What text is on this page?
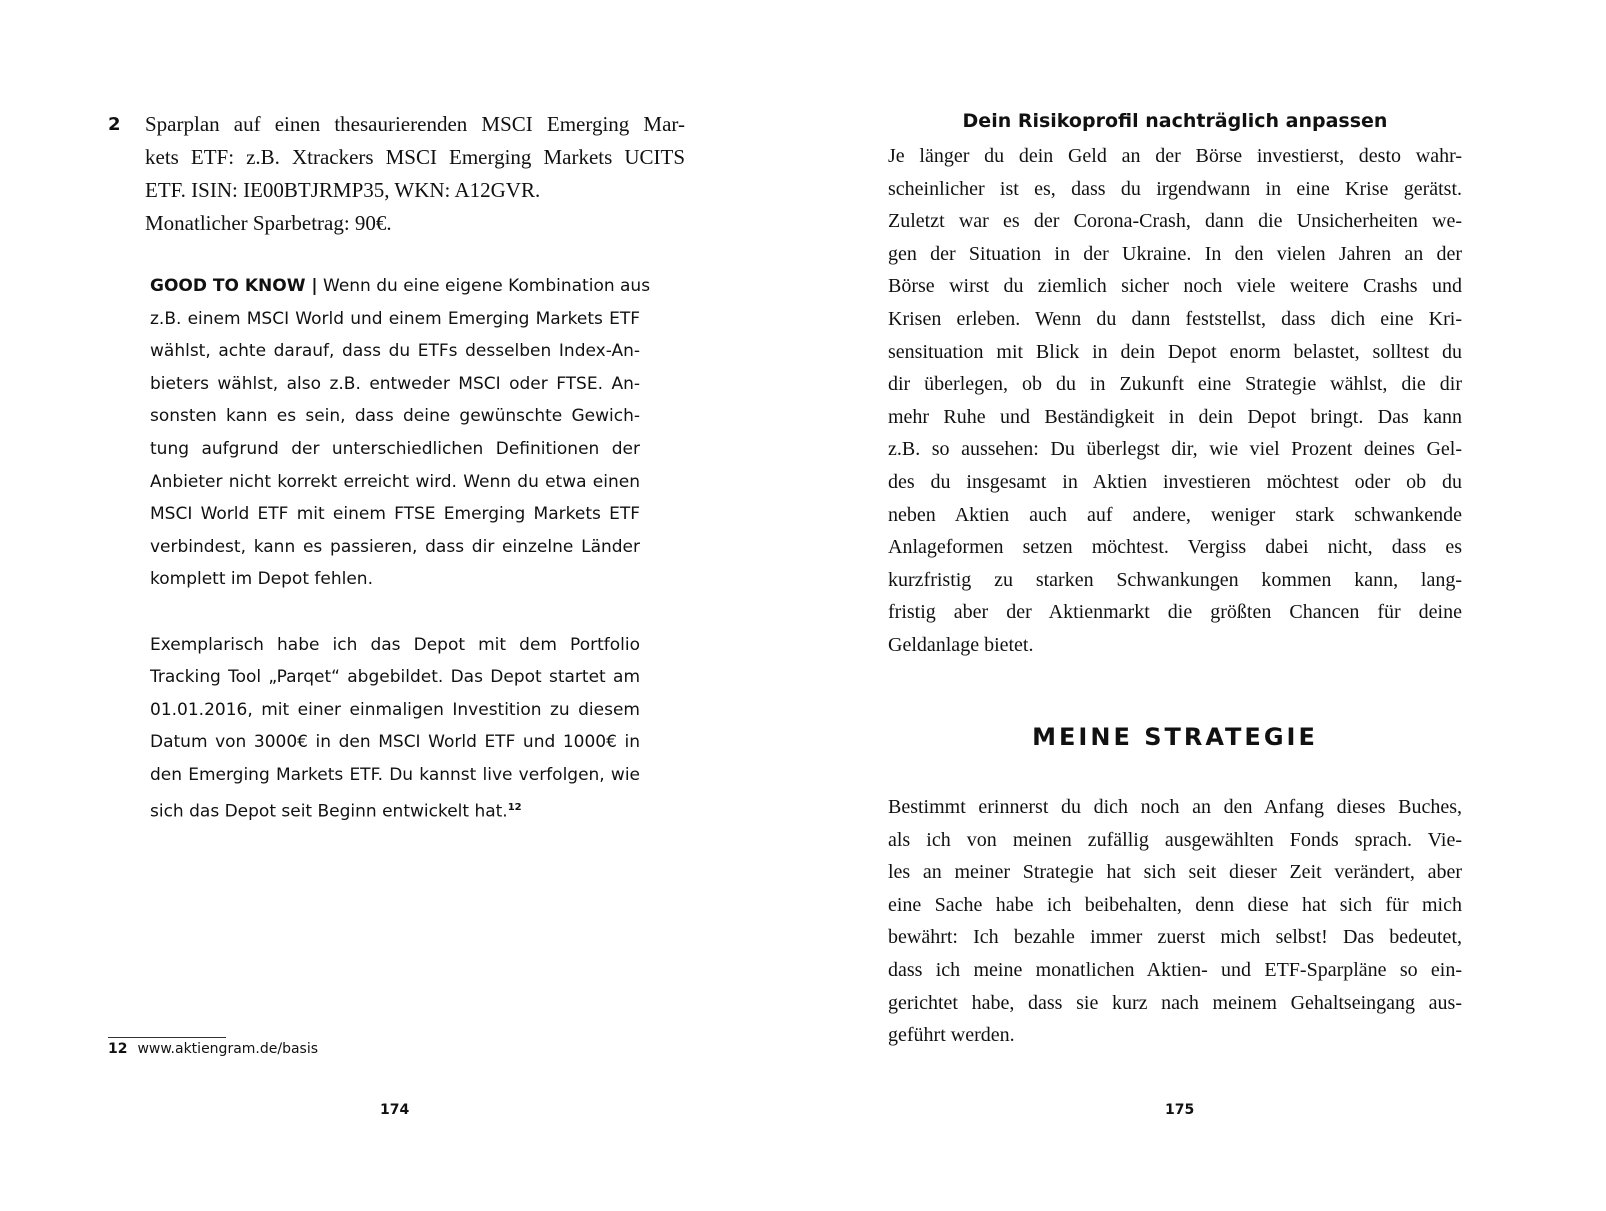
2 Sparplan auf einen thesaurierenden MSCI Emerging Mar-
kets ETF: z.B. Xtrackers MSCI Emerging Markets UCITS
ETF. ISIN: IE00BTJRMP35, WKN: A12GVR.
Monatlicher Sparbetrag: 90€.
GOOD TO KNOW | Wenn du eine eigene Kombination aus
z.B. einem MSCI World und einem Emerging Markets ETF
wählst, achte darauf, dass du ETFs desselben Index-An-
bieters wählst, also z.B. entweder MSCI oder FTSE. An-
sonsten kann es sein, dass deine gewünschte Gewich-
tung aufgrund der unterschiedlichen Definitionen der
Anbieter nicht korrekt erreicht wird. Wenn du etwa einen
MSCI World ETF mit einem FTSE Emerging Markets ETF
verbindest, kann es passieren, dass dir einzelne Länder
komplett im Depot fehlen.
Exemplarisch habe ich das Depot mit dem Portfolio
Tracking Tool „Parqet“ abgebildet. Das Depot startet am
01.01.2016, mit einer einmaligen Investition zu diesem
Datum von 3000€ in den MSCI World ETF und 1000€ in
den Emerging Markets ETF. Du kannst live verfolgen, wie
sich das Depot seit Beginn entwickelt hat.$^{12}$
12 www.aktiengram.de/basis
174
Dein Risikoprofil nachträglich anpassen
Je länger du dein Geld an der Börse investierst, desto wahr-
scheinlicher ist es, dass du irgendwann in eine Krise gerätst.
Zuletzt war es der Corona-Crash, dann die Unsicherheiten we-
gen der Situation in der Ukraine. In den vielen Jahren an der
Börse wirst du ziemlich sicher noch viele weitere Crashs und
Krisen erleben. Wenn du dann feststellst, dass dich eine Kri-
sensituation mit Blick in dein Depot enorm belastet, solltest du
dir überlegen, ob du in Zukunft eine Strategie wählst, die dir
mehr Ruhe und Beständigkeit in dein Depot bringt. Das kann
z.B. so aussehen: Du überlegst dir, wie viel Prozent deines Gel-
des du insgesamt in Aktien investieren möchtest oder ob du
neben Aktien auch auf andere, weniger stark schwankende
Anlageformen setzen möchtest. Vergiss dabei nicht, dass es
kurzfristig zu starken Schwankungen kommen kann, lang-
fristig aber der Aktienmarkt die größten Chancen für deine
Geldanlage bietet.
MEINE STRATEGIE
Bestimmt erinnerst du dich noch an den Anfang dieses Buches,
als ich von meinen zufällig ausgewählten Fonds sprach. Vie-
les an meiner Strategie hat sich seit dieser Zeit verändert, aber
eine Sache habe ich beibehalten, denn diese hat sich für mich
bewährt: Ich bezahle immer zuerst mich selbst! Das bedeutet,
dass ich meine monatlichen Aktien- und ETF-Sparpläne so ein-
gerichtet habe, dass sie kurz nach meinem Gehaltseingang aus-
geführt werden.
175
